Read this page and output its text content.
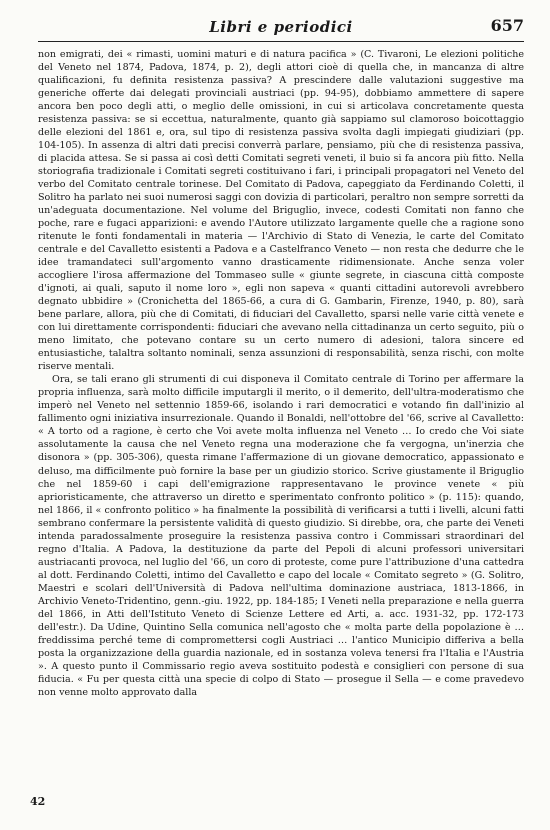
Libri e periodici	657

non emigrati, dei « rimasti, uomini maturi e di natura pacifica » (C. Tivaroni, Le elezioni politiche del Veneto nel 1874, Padova, 1874, p. 2), degli attori cioè di quella che, in mancanza di altre qualificazioni, fu definita resistenza passiva? A prescindere dalle valutazioni suggestive ma generiche offerte dai delegati provinciali austriaci (pp. 94-95), dobbiamo ammettere di sapere ancora ben poco degli atti, o meglio delle omissioni, in cui si articolava concretamente questa resistenza passiva: se si eccettua, naturalmente, quanto già sappiamo sul clamoroso boicottaggio delle elezioni del 1861 e, ora, sul tipo di resistenza passiva svolta dagli impiegati giudiziari (pp. 104-105). In assenza di altri dati precisi converrà parlare, pensiamo, più che di resistenza passiva, di placida attesa. Se si passa ai così detti Comitati segreti veneti, il buio si fa ancora più fitto. Nella storiografia tradizionale i Comitati segreti costituivano i fari, i principali propagatori nel Veneto del verbo del Comitato centrale torinese. Del Comitato di Padova, capeggiato da Ferdinando Coletti, il Solitro ha parlato nei suoi numerosi saggi con dovizia di particolari, peraltro non sempre sorretti da un'adeguata documentazione. Nel volume del Briguglio, invece, codesti Comitati non fanno che poche, rare e fugaci apparizioni: e avendo l'Autore utilizzato largamente quelle che a ragione sono ritenute le fonti fondamentali in materia — l'Archivio di Stato di Venezia, le carte del Comitato centrale e del Cavalletto esistenti a Padova e a Castelfranco Veneto — non resta che dedurre che le idee tramandateci sull'argomento vanno drasticamente ridimensionate. Anche senza voler accogliere l'irosa affermazione del Tommaseo sulle « giunte segrete, in ciascuna città composte d'ignoti, ai quali, saputo il nome loro », egli non sapeva « quanti cittadini autorevoli avrebbero degnato ubbidire » (Cronichetta del 1865-66, a cura di G. Gambarin, Firenze, 1940, p. 80), sarà bene parlare, allora, più che di Comitati, di fiduciari del Cavalletto, sparsi nelle varie città venete e con lui direttamente corrispondenti: fiduciari che avevano nella cittadinanza un certo seguito, più o meno limitato, che potevano contare su un certo numero di adesioni, talora sincere ed entusiastiche, talaltra soltanto nominali, senza assunzioni di responsabilità, senza rischi, con molte riserve mentali.

Ora, se tali erano gli strumenti di cui disponeva il Comitato centrale di Torino per affermare la propria influenza, sarà molto difficile imputargli il merito, o il demerito, dell'ultra-moderatismo che imperò nel Veneto nel settennio 1859-66, isolando i rari democratici e votando fin dall'inizio al fallimento ogni iniziativa insurrezionale. Quando il Bonaldi, nell'ottobre del '66, scrive al Cavalletto: « A torto od a ragione, è certo che Voi avete molta influenza nel Veneto … Io credo che Voi siate assolutamente la causa che nel Veneto regna una moderazione che fa vergogna, un'inerzia che disonora » (pp. 305-306), questa rimane l'affermazione di un giovane democratico, appassionato e deluso, ma difficilmente può fornire la base per un giudizio storico. Scrive giustamente il Briguglio che nel 1859-60 i capi dell'emigrazione rappresentavano le province venete « più aprioristicamente, che attraverso un diretto e sperimentato confronto politico » (p. 115): quando, nel 1866, il « confronto politico » ha finalmente la possibilità di verificarsi a tutti i livelli, alcuni fatti sembrano confermare la persistente validità di questo giudizio. Si direbbe, ora, che parte dei Veneti intenda paradossalmente proseguire la resistenza passiva contro i Commissari straordinari del regno d'Italia. A Padova, la destituzione da parte del Pepoli di alcuni professori universitari austriacanti provoca, nel luglio del '66, un coro di proteste, come pure l'attribuzione d'una cattedra al dott. Ferdinando Coletti, intimo del Cavalletto e capo del locale « Comitato segreto » (G. Solitro, Maestri e scolari dell'Università di Padova nell'ultima dominazione austriaca, 1813-1866, in Archivio Veneto-Tridentino, genn.-giu. 1922, pp. 184-185; I Veneti nella preparazione e nella guerra del 1866, in Atti dell'Istituto Veneto di Scienze Lettere ed Arti, a. acc. 1931-32, pp. 172-173 dell'estr.). Da Udine, Quintino Sella comunica nell'agosto che « molta parte della popolazione è … freddissima perché teme di compromettersi cogli Austriaci … l'antico Municipio differiva a bella posta la organizzazione della guardia nazionale, ed in sostanza voleva tenersi fra l'Italia e l'Austria ». A questo punto il Commissario regio aveva sostituito podestà e consiglieri con persone di sua fiducia. « Fu per questa città una specie di colpo di Stato — prosegue il Sella — e come pravedevo non venne molto approvato dalla

42
